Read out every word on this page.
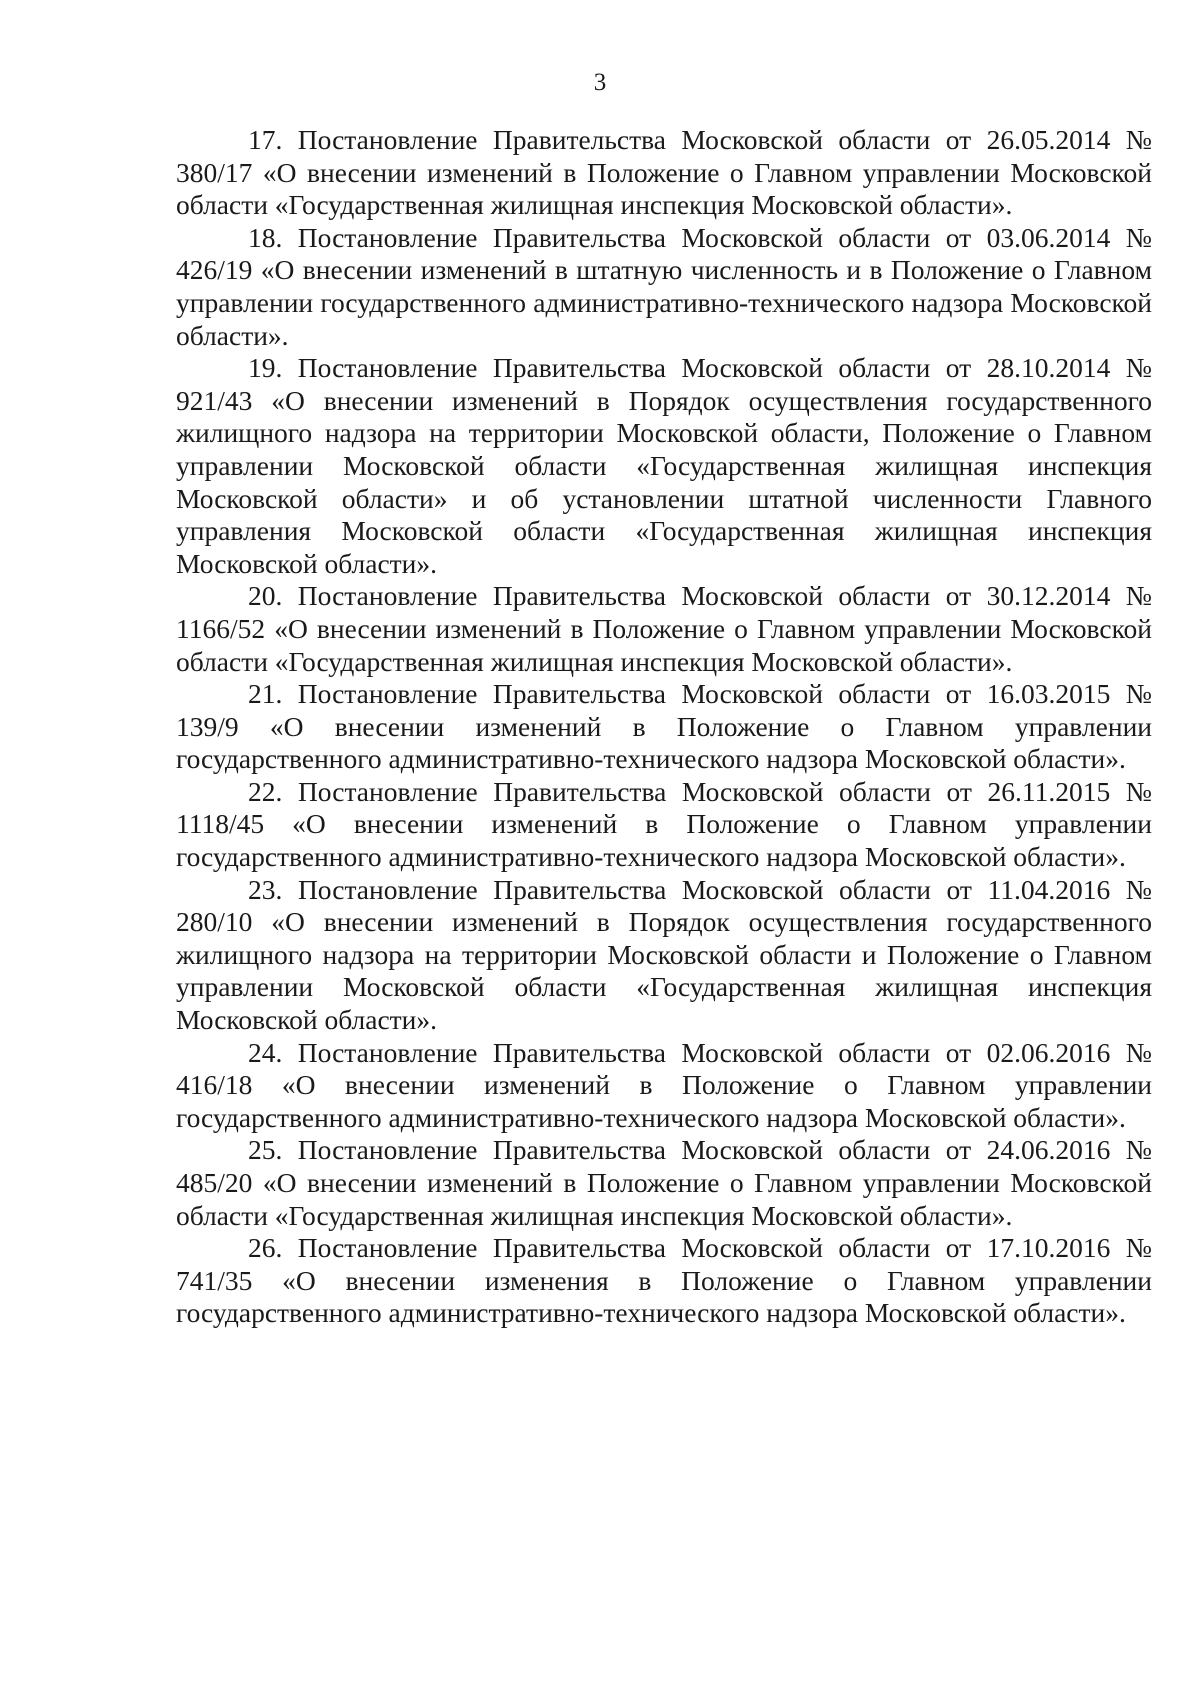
3

17. Постановление Правительства Московской области от 26.05.2014 № 380/17 «О внесении изменений в Положение о Главном управлении Московской области «Государственная жилищная инспекция Московской области».

18. Постановление Правительства Московской области от 03.06.2014 № 426/19 «О внесении изменений в штатную численность и в Положение о Главном управлении государственного административно-технического надзора Московской области».

19. Постановление Правительства Московской области от 28.10.2014 № 921/43 «О внесении изменений в Порядок осуществления государственного жилищного надзора на территории Московской области, Положение о Главном управлении Московской области «Государственная жилищная инспекция Московской области» и об установлении штатной численности Главного управления Московской области «Государственная жилищная инспекция Московской области».

20. Постановление Правительства Московской области от 30.12.2014 № 1166/52 «О внесении изменений в Положение о Главном управлении Московской области «Государственная жилищная инспекция Московской области».

21. Постановление Правительства Московской области от 16.03.2015 № 139/9 «О внесении изменений в Положение о Главном управлении государственного административно-технического надзора Московской области».

22. Постановление Правительства Московской области от 26.11.2015 № 1118/45 «О внесении изменений в Положение о Главном управлении государственного административно-технического надзора Московской области».

23. Постановление Правительства Московской области от 11.04.2016 № 280/10 «О внесении изменений в Порядок осуществления государственного жилищного надзора на территории Московской области и Положение о Главном управлении Московской области «Государственная жилищная инспекция Московской области».

24. Постановление Правительства Московской области от 02.06.2016 № 416/18 «О внесении изменений в Положение о Главном управлении государственного административно-технического надзора Московской области».

25. Постановление Правительства Московской области от 24.06.2016 № 485/20 «О внесении изменений в Положение о Главном управлении Московской области «Государственная жилищная инспекция Московской области».

26. Постановление Правительства Московской области от 17.10.2016 № 741/35 «О внесении изменения в Положение о Главном управлении государственного административно-технического надзора Московской области».
